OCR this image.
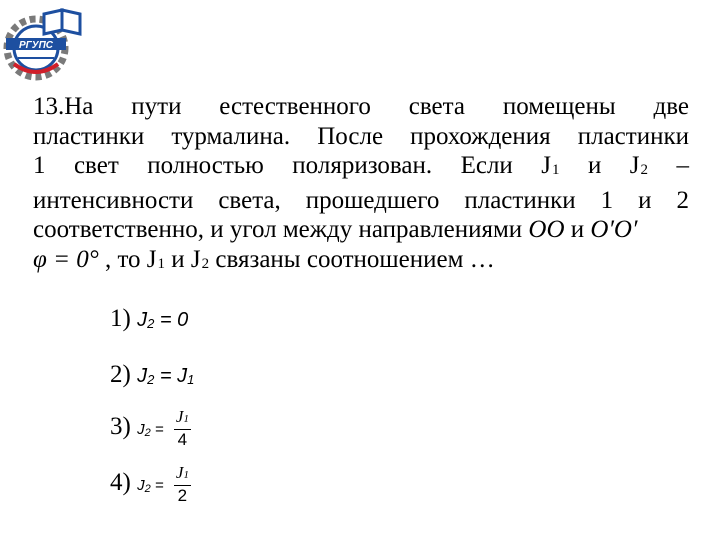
РГУПС
13.На пути естественного света помещены две
пластинки турмалина. После прохождения пластинки
1 свет полностью поляризован. Если J1 и J2 –
интенсивности света, прошедшего пластинки 1 и 2
соответственно, и угол между направлениями OO и O′O′
φ = 0° , то J1 и J2 связаны соотношением …
1) J2 = 0
2) J2 = J1
3) $J2 = \frac{J1}{4}$
4) $J2 = \frac{J1}{2}$
